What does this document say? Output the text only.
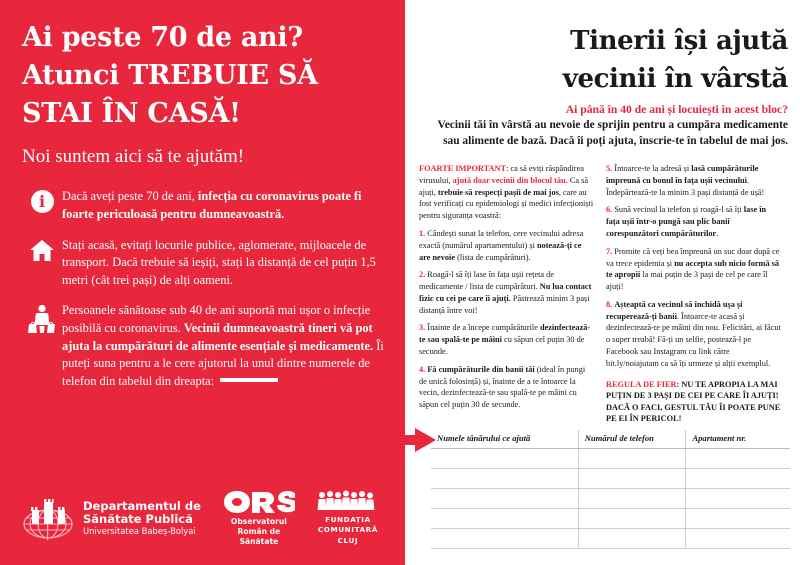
Ai peste 70 de ani?
Atunci TREBUIE SĂ
STAI ÎN CASĂ!

Noi suntem aici să te ajutăm!

i	Dacă aveți peste 70 de ani, infecția cu coronavirus poate fi foarte periculoasă pentru dumneavoastră.
Stați acasă, evitați locurile publice, aglomerate, mijloacele de transport. Dacă trebuie să ieșiți, stați la distanță de cel puțin 1,5 metri (cât trei pași) de alți oameni.
Persoanele sănătoase sub 40 de ani suportă mai ușor o infecție posibilă cu coronavirus. Vecinii dumneavoastră tineri vă pot ajuta la cumpărături de alimente esențiale și medicamente. Îi puteți suna pentru a le cere ajutorul la unul dintre numerele de telefon din tabelul din dreapta:
Departamentul de
Sănătate Publică
Universitatea Babeș-Bolyai
Observatorul
Român de
Sănătate
FUNDAȚIA
COMUNITARĂ
CLUJ
Tinerii își ajută
vecinii în vârstă

Ai până în 40 de ani și locuiești în acest bloc?

Vecinii tăi în vârstă au nevoie de sprijin pentru a cumpăra medicamente sau alimente de bază. Dacă îi poți ajuta, înscrie-te în tabelul de mai jos.

FOARTE IMPORTANT: ca să eviți răspândirea virusului, ajută doar vecinii din blocul tău. Ca să ajuți, trebuie să respecți pașii de mai jos, care au fost verificați cu epidemiologi și medici infecționiști pentru siguranța voastră:

1. Cândești sunat la telefon, cere vecinului adresa exactă (numărul apartamentului) și notează-ți ce are nevoie (lista de cumpărături).

2. Roagă-l să îți lase în fața ușii rețeta de medicamente / lista de cumpărături. Nu lua contact fizic cu cei pe care îi ajuți. Păstrează minim 3 pași distanță între voi!

3. Înainte de a începe cumpărăturile dezinfectează-te sau spală-te pe mâini cu săpun cel puțin 30 de secunde.

4. Fă cumpărăturile din banii tăi (ideal în pungi de unică folosință) și, înainte de a te întoarce la vecin, dezinfectează-te sau spală-te pe mâini cu săpun cel puțin 30 de secunde.

5. Întoarce-te la adresă și lasă cumpărăturile împreună cu bonul în fața ușii vecinului. Îndepărtează-te la minim 3 pași distanță de ușă!

6. Sună vecinul la telefon și roagă-l să îți lase în fața ușii într-o pungă sau plic banii corespunzători cumpărăturilor.

7. Promite că veți bea împreună un suc doar după ce va trece epidemia și nu accepta sub nicio formă să te apropii la mai puțin de 3 pași de cel pe care îl ajuți!

8. Așteaptă ca vecinul să închidă ușa și recuperează-ți banii. Întoarce-te acasă și dezinfectează-te pe mâini din nou. Felicitări, ai făcut o super treabă! Fă-ți un selfie, postează-l pe Facebook sau Instagram cu link către bit.ly/noiajutam ca să îți urmeze și alții exemplul.

REGULA DE FIER: NU TE APROPIA LA MAI PUȚIN DE 3 PAȘI DE CEI PE CARE ÎI AJUȚI! DACĂ O FACI, GESTUL TĂU ÎI POATE PUNE PE EI ÎN PERICOL!

Numele tânărului ce ajută	Numărul de telefon	Apartament nr.
